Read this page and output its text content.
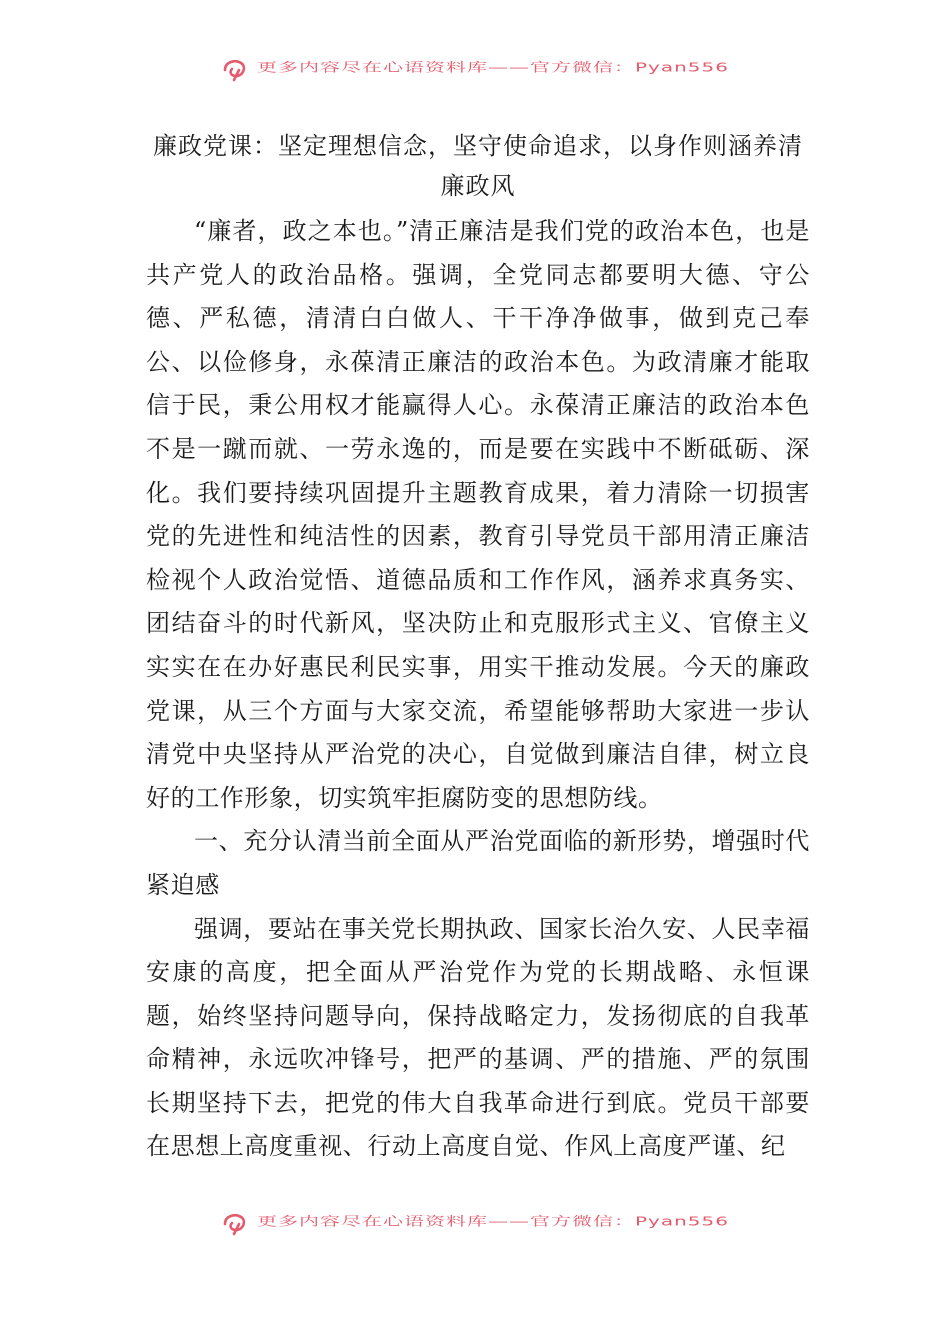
更多内容尽在心语资料库——官方微信：Pyan556
廉政党课：坚定理想信念，坚守使命追求，以身作则涵养清廉政风

“廉者，政之本也。”清正廉洁是我们党的政治本色，也是共产党人的政治品格。强调，全党同志都要明大德、守公德、严私德，清清白白做人、干干净净做事，做到克己奉公、以俭修身，永葆清正廉洁的政治本色。为政清廉才能取信于民，秉公用权才能赢得人心。永葆清正廉洁的政治本色不是一蹴而就、一劳永逸的，而是要在实践中不断砥砺、深化。我们要持续巩固提升主题教育成果，着力清除一切损害党的先进性和纯洁性的因素，教育引导党员干部用清正廉洁检视个人政治觉悟、道德品质和工作作风，涵养求真务实、团结奋斗的时代新风，坚决防止和克服形式主义、官僚主义实实在在办好惠民利民实事，用实干推动发展。今天的廉政党课，从三个方面与大家交流，希望能够帮助大家进一步认清党中央坚持从严治党的决心，自觉做到廉洁自律，树立良好的工作形象，切实筑牢拒腐防变的思想防线。

一、充分认清当前全面从严治党面临的新形势，增强时代紧迫感

强调，要站在事关党长期执政、国家长治久安、人民幸福安康的高度，把全面从严治党作为党的长期战略、永恒课题，始终坚持问题导向，保持战略定力，发扬彻底的自我革命精神，永远吹冲锋号，把严的基调、严的措施、严的氛围长期坚持下去，把党的伟大自我革命进行到底。党员干部要在思想上高度重视、行动上高度自觉、作风上高度严谨、纪

更多内容尽在心语资料库——官方微信：Pyan556
